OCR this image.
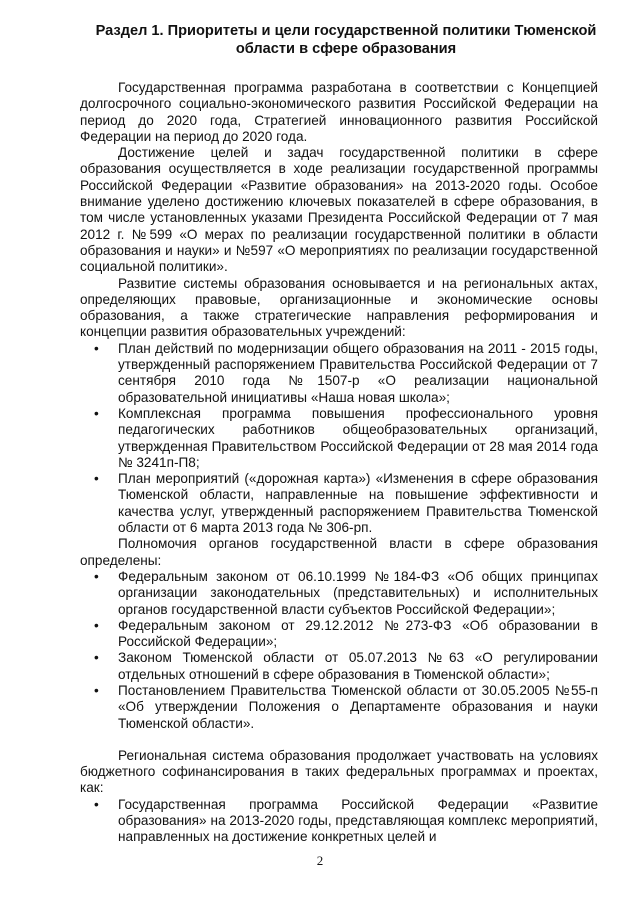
Раздел 1. Приоритеты и цели государственной политики Тюменской области в сфере образования

Государственная программа разработана в соответствии с Концепцией долгосрочного социально-экономического развития Российской Федерации на период до 2020 года, Стратегией инновационного развития Российской Федерации на период до 2020 года.

Достижение целей и задач государственной политики в сфере образования осуществляется в ходе реализации государственной программы Российской Федерации «Развитие образования» на 2013-2020 годы. Особое внимание уделено достижению ключевых показателей в сфере образования, в том числе установленных указами Президента Российской Федерации от 7 мая 2012 г. №599 «О мерах по реализации государственной политики в области образования и науки» и №597 «О мероприятиях по реализации государственной социальной политики».

Развитие системы образования основывается и на региональных актах, определяющих правовые, организационные и экономические основы образования, а также стратегические направления реформирования и концепции развития образовательных учреждений:

• План действий по модернизации общего образования на 2011 - 2015 годы, утвержденный распоряжением Правительства Российской Федерации от 7 сентября 2010 года №1507-р «О реализации национальной образовательной инициативы «Наша новая школа»;
• Комплексная программа повышения профессионального уровня педагогических работников общеобразовательных организаций, утвержденная Правительством Российской Федерации от 28 мая 2014 года № 3241п-П8;
• План мероприятий («дорожная карта») «Изменения в сфере образования Тюменской области, направленные на повышение эффективности и качества услуг, утвержденный распоряжением Правительства Тюменской области от 6 марта 2013 года № 306-рп.

Полномочия органов государственной власти в сфере образования определены:

• Федеральным законом от 06.10.1999 №184-ФЗ «Об общих принципах организации законодательных (представительных) и исполнительных органов государственной власти субъектов Российской Федерации»;
• Федеральным законом от 29.12.2012 №273-ФЗ «Об образовании в Российской Федерации»;
• Законом Тюменской области от 05.07.2013 №63 «О регулировании отдельных отношений в сфере образования в Тюменской области»;
• Постановлением Правительства Тюменской области от 30.05.2005 №55-п «Об утверждении Положения о Департаменте образования и науки Тюменской области».

Региональная система образования продолжает участвовать на условиях бюджетного софинансирования в таких федеральных программах и проектах, как:

• Государственная программа Российской Федерации «Развитие образования» на 2013-2020 годы, представляющая комплекс мероприятий, направленных на достижение конкретных целей и
2
